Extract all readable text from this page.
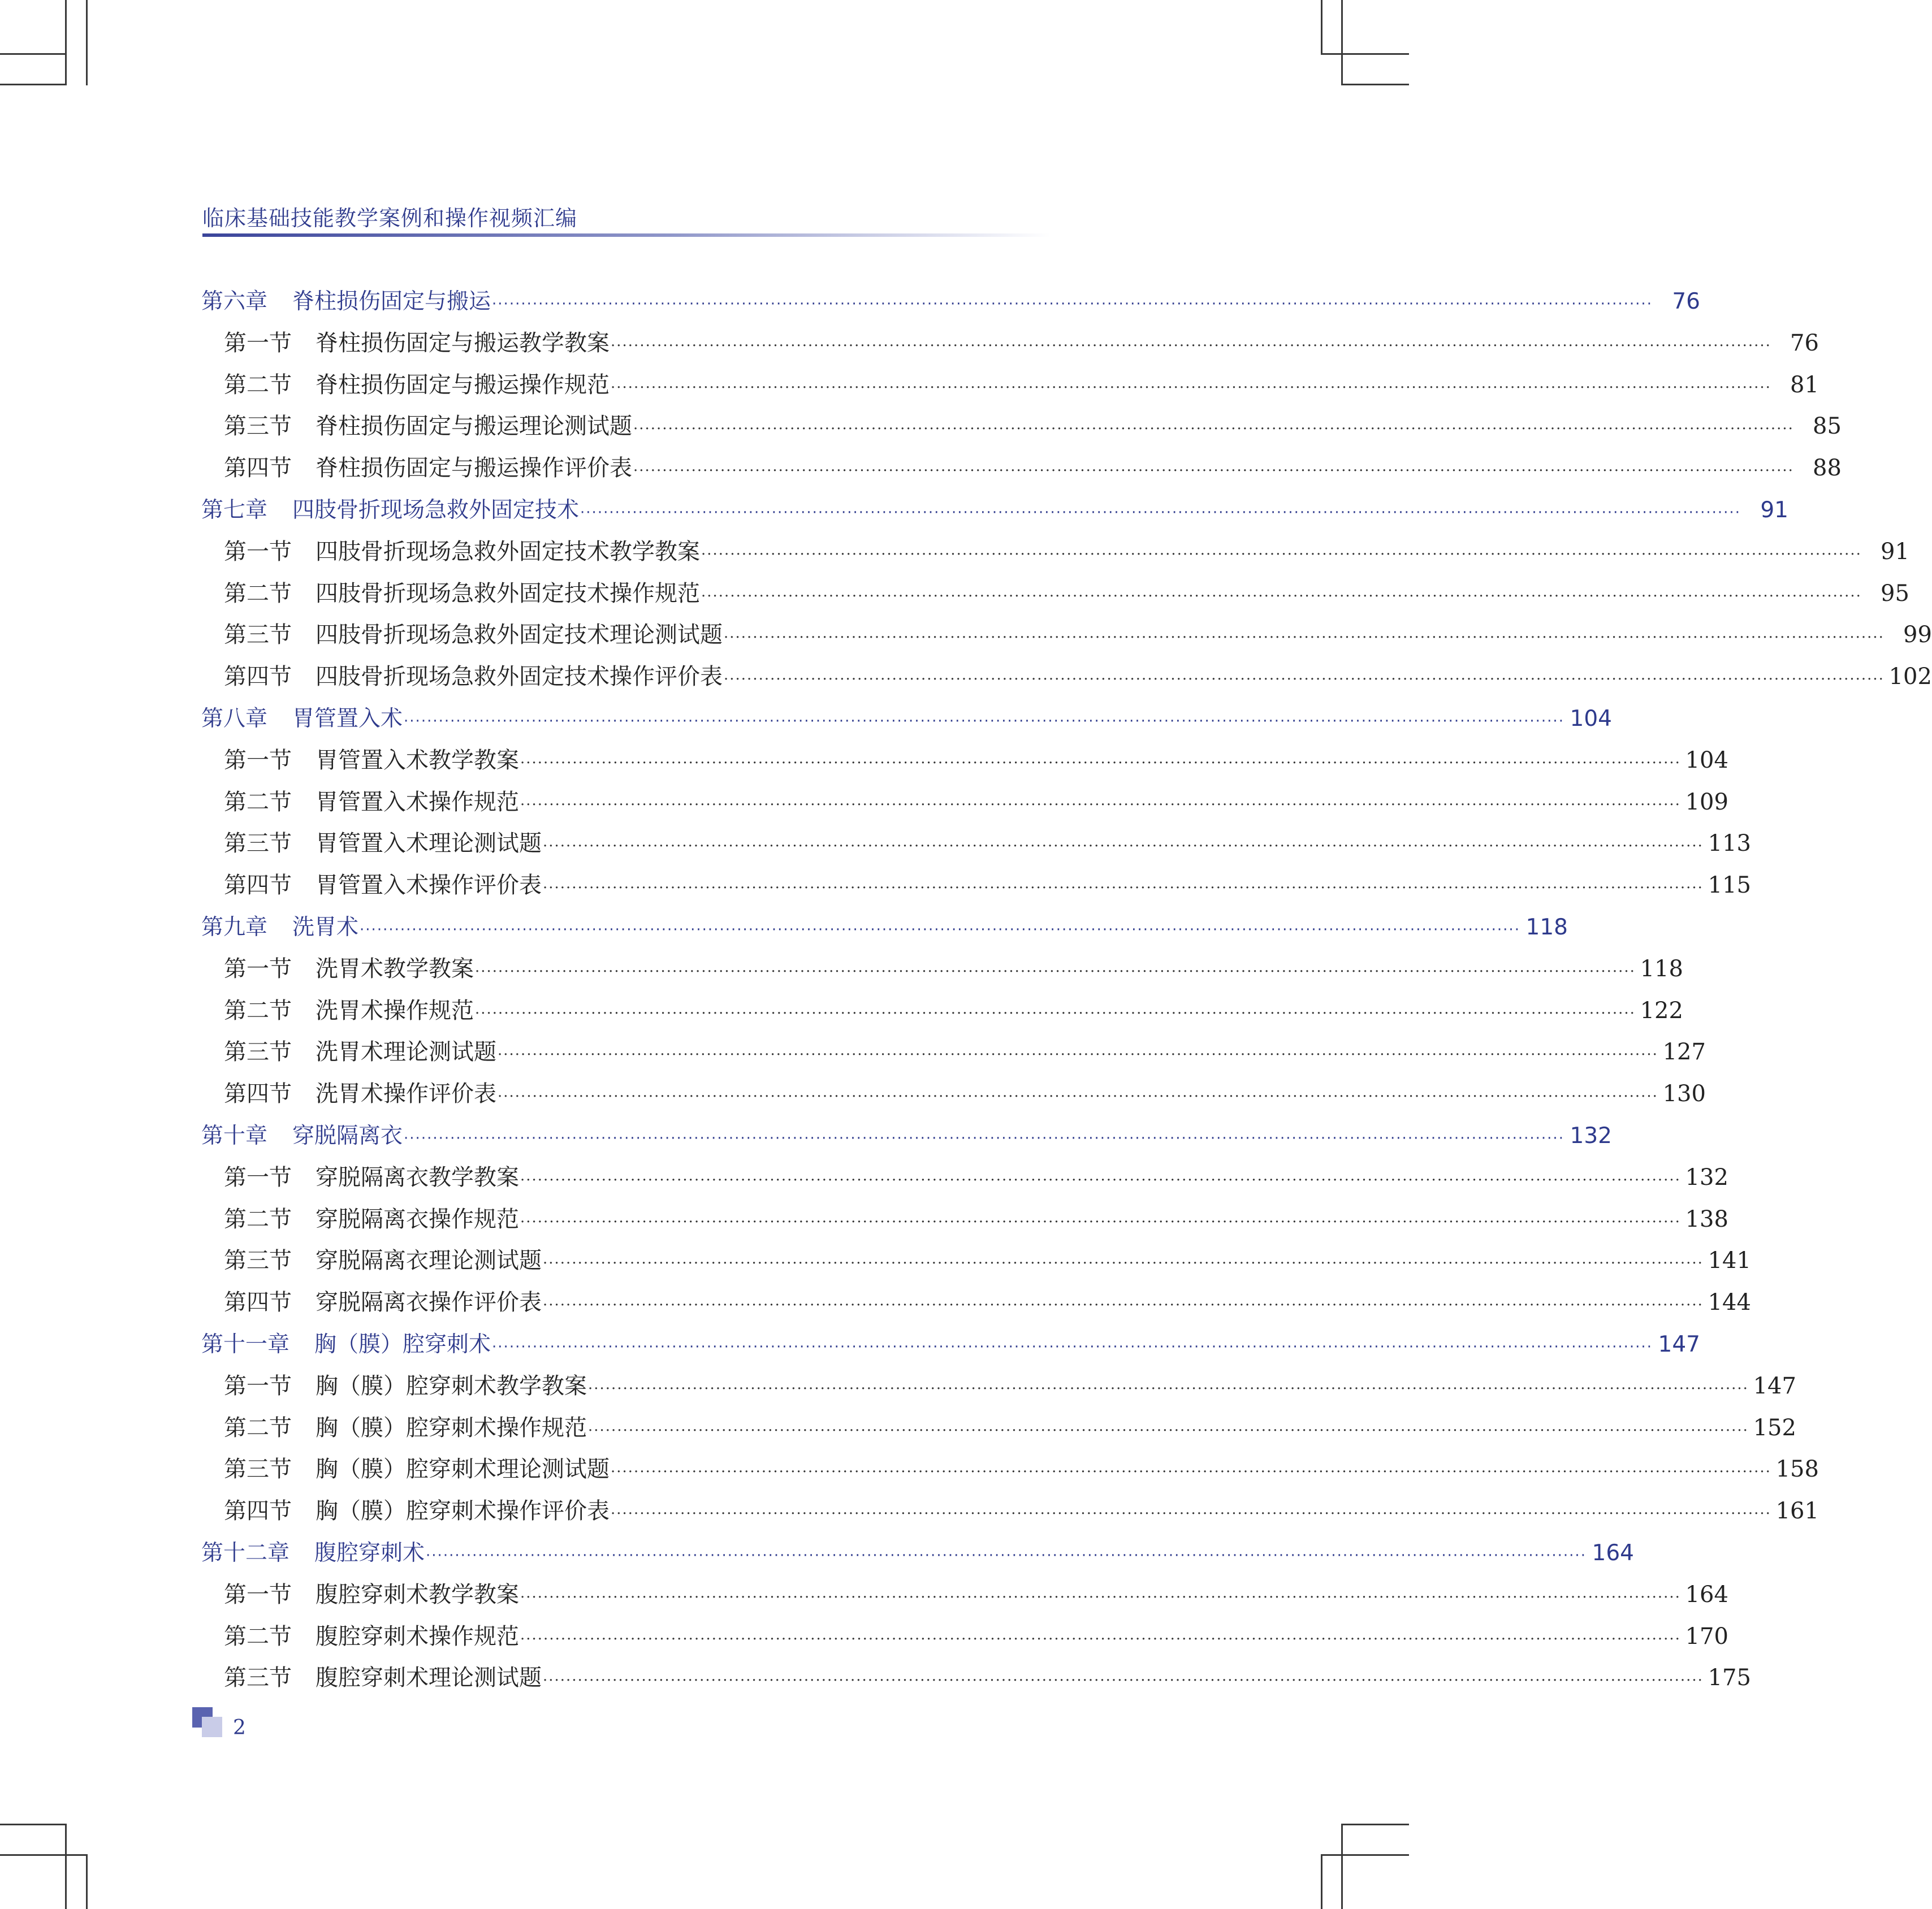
临床基础技能教学案例和操作视频汇编
第六章 脊柱损伤固定与搬运 ········································································································································································································ 76
第一节 脊柱损伤固定与搬运教学教案 ········································································································································································································ 76
第二节 脊柱损伤固定与搬运操作规范 ········································································································································································································ 81
第三节 脊柱损伤固定与搬运理论测试题 ········································································································································································································ 85
第四节 脊柱损伤固定与搬运操作评价表 ········································································································································································································ 88
第七章 四肢骨折现场急救外固定技术 ········································································································································································································ 91
第一节 四肢骨折现场急救外固定技术教学教案 ········································································································································································································ 91
第二节 四肢骨折现场急救外固定技术操作规范 ········································································································································································································ 95
第三节 四肢骨折现场急救外固定技术理论测试题 ········································································································································································································ 99
第四节 四肢骨折现场急救外固定技术操作评价表 ········································································································································································································ 102
第八章 胃管置入术 ········································································································································································································ 104
第一节 胃管置入术教学教案 ········································································································································································································ 104
第二节 胃管置入术操作规范 ········································································································································································································ 109
第三节 胃管置入术理论测试题 ········································································································································································································ 113
第四节 胃管置入术操作评价表 ········································································································································································································ 115
第九章 洗胃术 ········································································································································································································ 118
第一节 洗胃术教学教案 ········································································································································································································ 118
第二节 洗胃术操作规范 ········································································································································································································ 122
第三节 洗胃术理论测试题 ········································································································································································································ 127
第四节 洗胃术操作评价表 ········································································································································································································ 130
第十章 穿脱隔离衣 ········································································································································································································ 132
第一节 穿脱隔离衣教学教案 ········································································································································································································ 132
第二节 穿脱隔离衣操作规范 ········································································································································································································ 138
第三节 穿脱隔离衣理论测试题 ········································································································································································································ 141
第四节 穿脱隔离衣操作评价表 ········································································································································································································ 144
第十一章 胸（膜）腔穿刺术 ········································································································································································································ 147
第一节 胸（膜）腔穿刺术教学教案 ········································································································································································································ 147
第二节 胸（膜）腔穿刺术操作规范 ········································································································································································································ 152
第三节 胸（膜）腔穿刺术理论测试题 ········································································································································································································ 158
第四节 胸（膜）腔穿刺术操作评价表 ········································································································································································································ 161
第十二章 腹腔穿刺术 ········································································································································································································ 164
第一节 腹腔穿刺术教学教案 ········································································································································································································ 164
第二节 腹腔穿刺术操作规范 ········································································································································································································ 170
第三节 腹腔穿刺术理论测试题 ········································································································································································································ 175
2
